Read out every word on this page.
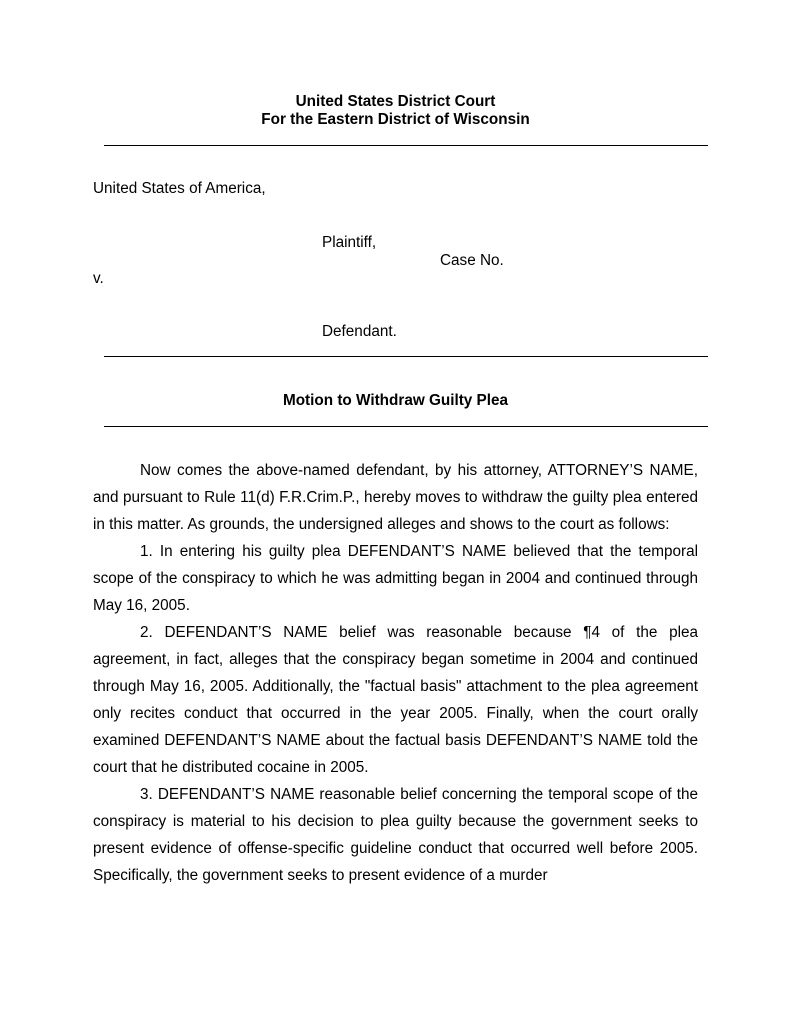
United States District Court
For the Eastern District of Wisconsin
United States of America,
Plaintiff,
Case No.
v.
Defendant.
Motion to Withdraw Guilty Plea

Now comes the above-named defendant, by his attorney, ATTORNEY’S NAME, and pursuant to Rule 11(d) F.R.Crim.P., hereby moves to withdraw the guilty plea entered in this matter. As grounds, the undersigned alleges and shows to the court as follows:

1. In entering his guilty plea DEFENDANT’S NAME believed that the temporal scope of the conspiracy to which he was admitting began in 2004 and continued through May 16, 2005.

2. DEFENDANT’S NAME belief was reasonable because ¶4 of the plea agreement, in fact, alleges that the conspiracy began sometime in 2004 and continued through May 16, 2005. Additionally, the "factual basis" attachment to the plea agreement only recites conduct that occurred in the year 2005. Finally, when the court orally examined DEFENDANT’S NAME about the factual basis DEFENDANT’S NAME told the court that he distributed cocaine in 2005.

3. DEFENDANT’S NAME reasonable belief concerning the temporal scope of the conspiracy is material to his decision to plea guilty because the government seeks to present evidence of offense-specific guideline conduct that occurred well before 2005. Specifically, the government seeks to present evidence of a murder
